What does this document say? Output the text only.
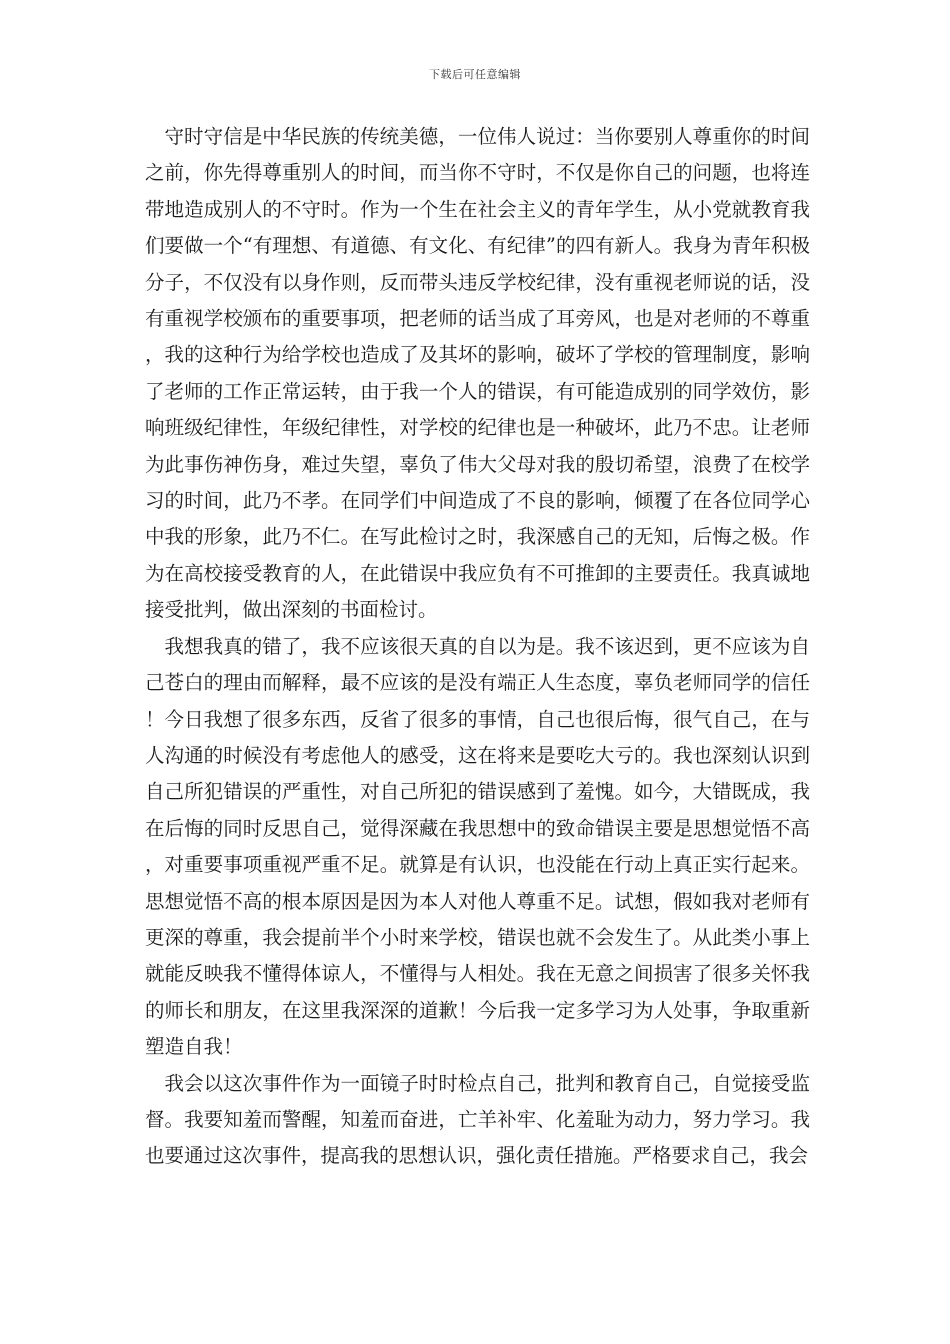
下载后可任意编辑

守时守信是中华民族的传统美德，一位伟人说过：当你要别人尊重你的时间之前，你先得尊重别人的时间，而当你不守时，不仅是你自己的问题，也将连带地造成别人的不守时。作为一个生在社会主义的青年学生，从小党就教育我们要做一个“有理想、有道德、有文化、有纪律”的四有新人。我身为青年积极分子，不仅没有以身作则，反而带头违反学校纪律，没有重视老师说的话，没有重视学校颁布的重要事项，把老师的话当成了耳旁风，也是对老师的不尊重，我的这种行为给学校也造成了及其坏的影响，破坏了学校的管理制度，影响了老师的工作正常运转，由于我一个人的错误，有可能造成别的同学效仿，影响班级纪律性，年级纪律性，对学校的纪律也是一种破坏，此乃不忠。让老师为此事伤神伤身，难过失望，辜负了伟大父母对我的殷切希望，浪费了在校学习的时间，此乃不孝。在同学们中间造成了不良的影响，倾覆了在各位同学心中我的形象，此乃不仁。在写此检讨之时，我深感自己的无知，后悔之极。作为在高校接受教育的人，在此错误中我应负有不可推卸的主要责任。我真诚地接受批判，做出深刻的书面检讨。

我想我真的错了，我不应该很天真的自以为是。我不该迟到，更不应该为自己苍白的理由而解释，最不应该的是没有端正人生态度，辜负老师同学的信任！今日我想了很多东西，反省了很多的事情，自己也很后悔，很气自己，在与人沟通的时候没有考虑他人的感受，这在将来是要吃大亏的。我也深刻认识到自己所犯错误的严重性，对自己所犯的错误感到了羞愧。如今，大错既成，我在后悔的同时反思自己，觉得深藏在我思想中的致命错误主要是思想觉悟不高，对重要事项重视严重不足。就算是有认识，也没能在行动上真正实行起来。思想觉悟不高的根本原因是因为本人对他人尊重不足。试想，假如我对老师有更深的尊重，我会提前半个小时来学校，错误也就不会发生了。从此类小事上就能反映我不懂得体谅人，不懂得与人相处。我在无意之间损害了很多关怀我的师长和朋友，在这里我深深的道歉！今后我一定多学习为人处事，争取重新塑造自我！

我会以这次事件作为一面镜子时时检点自己，批判和教育自己，自觉接受监督。我要知羞而警醒，知羞而奋进，亡羊补牢、化羞耻为动力，努力学习。我也要通过这次事件，提高我的思想认识，强化责任措施。严格要求自己，我会
